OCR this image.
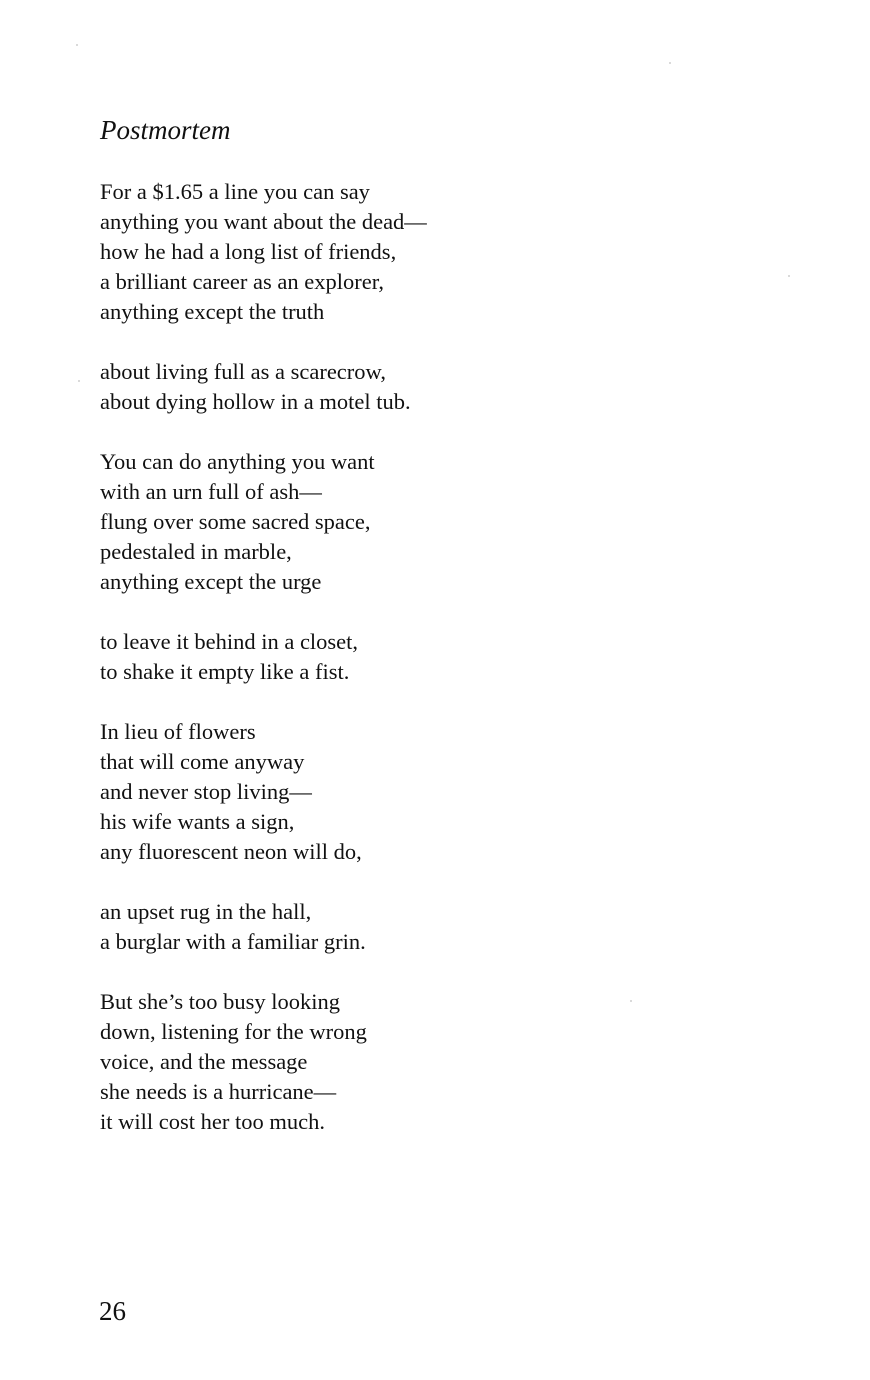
Postmortem
For a $1.65 a line you can say
anything you want about the dead—
how he had a long list of friends,
a brilliant career as an explorer,
anything except the truth
about living full as a scarecrow,
about dying hollow in a motel tub.
You can do anything you want
with an urn full of ash—
flung over some sacred space,
pedestaled in marble,
anything except the urge
to leave it behind in a closet,
to shake it empty like a fist.
In lieu of flowers
that will come anyway
and never stop living—
his wife wants a sign,
any fluorescent neon will do,
an upset rug in the hall,
a burglar with a familiar grin.
But she’s too busy looking
down, listening for the wrong
voice, and the message
she needs is a hurricane—
it will cost her too much.
26
